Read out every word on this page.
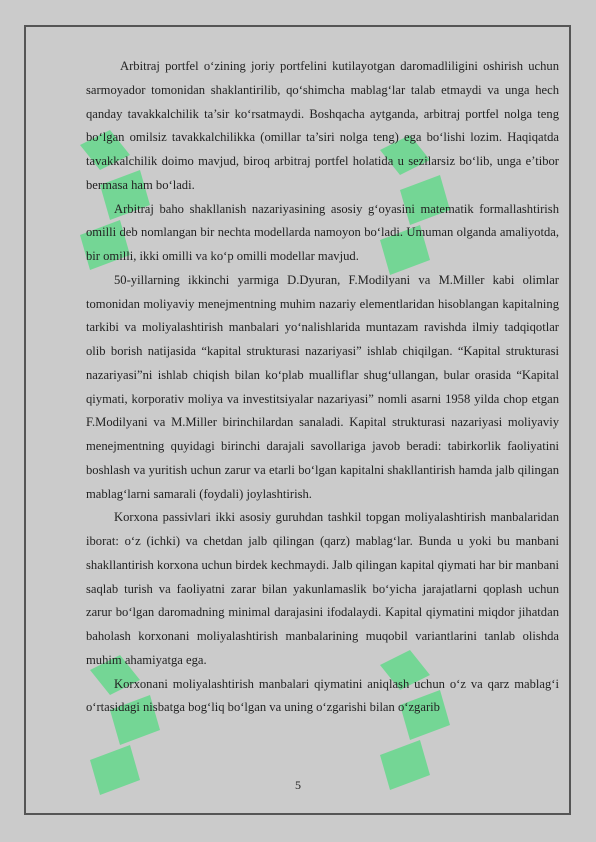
Arbitraj portfel o‘zining joriy portfelini kutilayotgan daromadliligini oshirish uchun sarmoyador tomonidan shaklantirilib, qo‘shimcha mablag‘lar talab etmaydi va unga hech qanday tavakkalchilik ta’sir ko‘rsatmaydi. Boshqacha aytganda, arbitraj portfel nolga teng bo‘lgan omilsiz tavakkalchilikka (omillar ta’siri nolga teng) ega bo‘lishi lozim. Haqiqatda tavakkalchilik doimo mavjud, biroq arbitraj portfel holatida u sezilarsiz bo‘lib, unga e’tibor bermasa ham bo‘ladi.

Arbitraj baho shakllanish nazariyasining asosiy g‘oyasini matematik formallashtirish omilli deb nomlangan bir nechta modellarda namoyon bo‘ladi. Umuman olganda amaliyotda, bir omilli, ikki omilli va ko‘p omilli modellar mavjud.

50-yillarning ikkinchi yarmiga D.Dyuran, F.Modilyani va M.Miller kabi olimlar tomonidan moliyaviy menejmentning muhim nazariy elementlaridan hisoblangan kapitalning tarkibi va moliyalashtirish manbalari yo‘nalishlarida muntazam ravishda ilmiy tadqiqotlar olib borish natijasida “kapital strukturasi nazariyasi” ishlab chiqilgan. “Kapital strukturasi nazariyasi”ni ishlab chiqish bilan ko‘plab mualliflar shug‘ullangan, bular orasida “Kapital qiymati, korporativ moliya va investitsiyalar nazariyasi” nomli asarni 1958 yilda chop etgan F.Modilyani va M.Miller birinchilardan sanaladi. Kapital strukturasi nazariyasi moliyaviy menejmentning quyidagi birinchi darajali savollariga javob beradi: tabirkorlik faoliyatini boshlash va yuritish uchun zarur va etarli bo‘lgan kapitalni shakllantirish hamda jalb qilingan mablag‘larni samarali (foydali) joylashtirish.

Korxona passivlari ikki asosiy guruhdan tashkil topgan moliyalashtirish manbalaridan iborat: o‘z (ichki) va chetdan jalb qilingan (qarz) mablag‘lar. Bunda u yoki bu manbani shakllantirish korxona uchun birdek kechmaydi. Jalb qilingan kapital qiymati har bir manbani saqlab turish va faoliyatni zarar bilan yakunlamaslik bo‘yicha jarajatlarni qoplash uchun zarur bo‘lgan daromadning minimal darajasini ifodalaydi. Kapital qiymatini miqdor jihatdan baholash korxonani moliyalashtirish manbalarining muqobil variantlarini tanlab olishda muhim ahamiyatga ega.

Korxonani moliyalashtirish manbalari qiymatini aniqlash uchun o‘z va qarz mablag‘i o‘rtasidagi nisbatga bog‘liq bo‘lgan va uning o‘zgarishi bilan o‘zgarib

5
